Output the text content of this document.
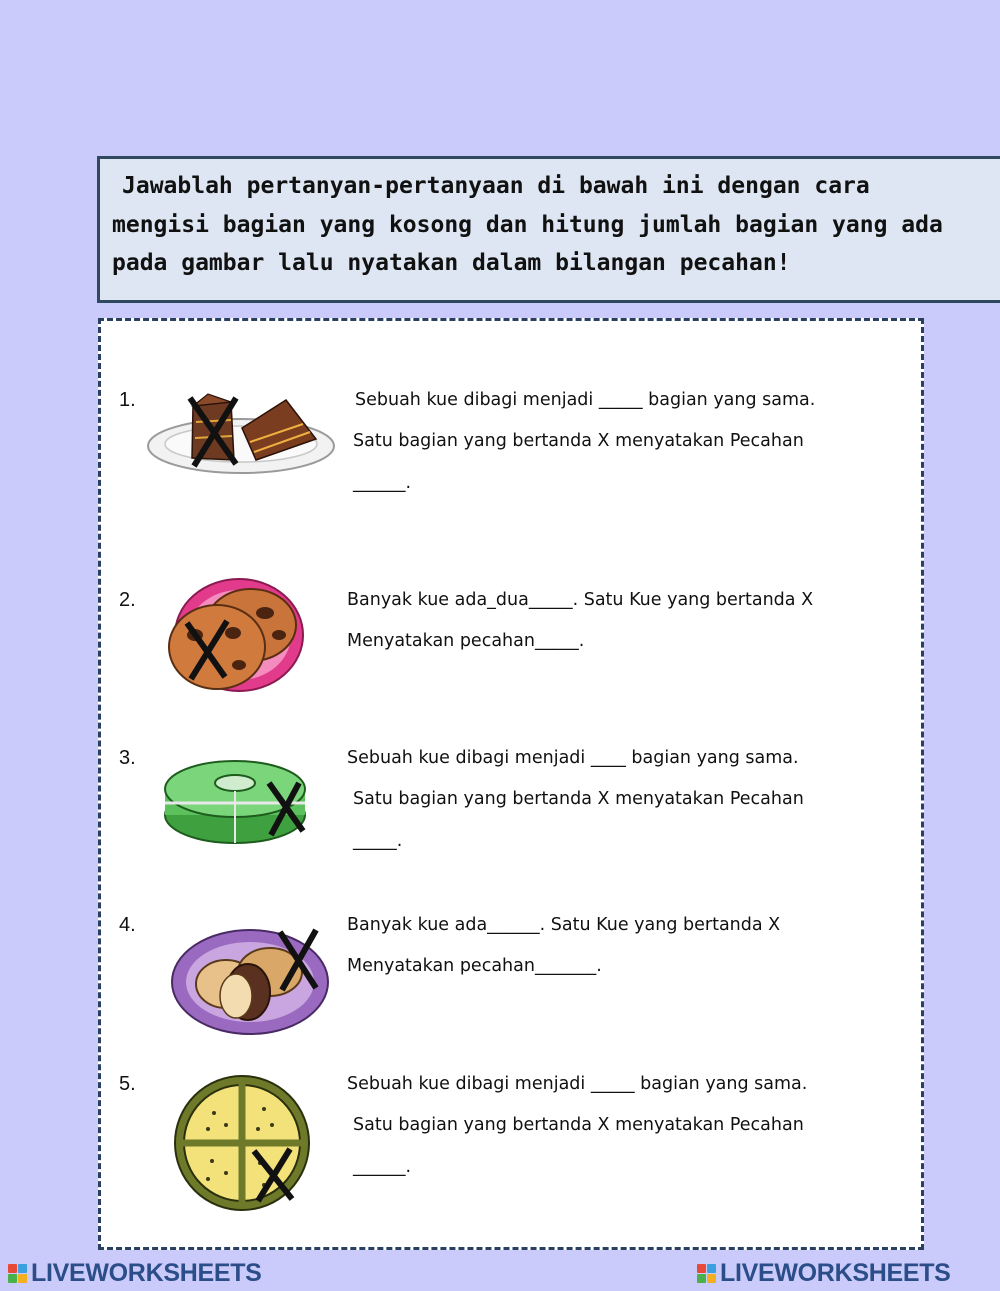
Jawablah pertanyan-pertanyaan di bawah ini dengan cara mengisi bagian yang kosong dan hitung jumlah bagian yang ada pada gambar lalu nyatakan dalam bilangan pecahan!

1.	Sebuah kue dibagi menjadi _____ bagian yang sama.
Satu bagian yang bertanda X menyatakan Pecahan
______.
2.	Banyak kue ada_dua_____. Satu Kue yang bertanda X
Menyatakan pecahan_____.
3.	Sebuah kue dibagi menjadi ____ bagian yang sama.
Satu bagian yang bertanda X menyatakan Pecahan
_____.
4.	Banyak kue ada______. Satu Kue yang bertanda X
Menyatakan pecahan_______.
5.	Sebuah kue dibagi menjadi _____ bagian yang sama.
Satu bagian yang bertanda X menyatakan Pecahan
______.
LIVEWORKSHEETS	LIVEWORKSHEETS
